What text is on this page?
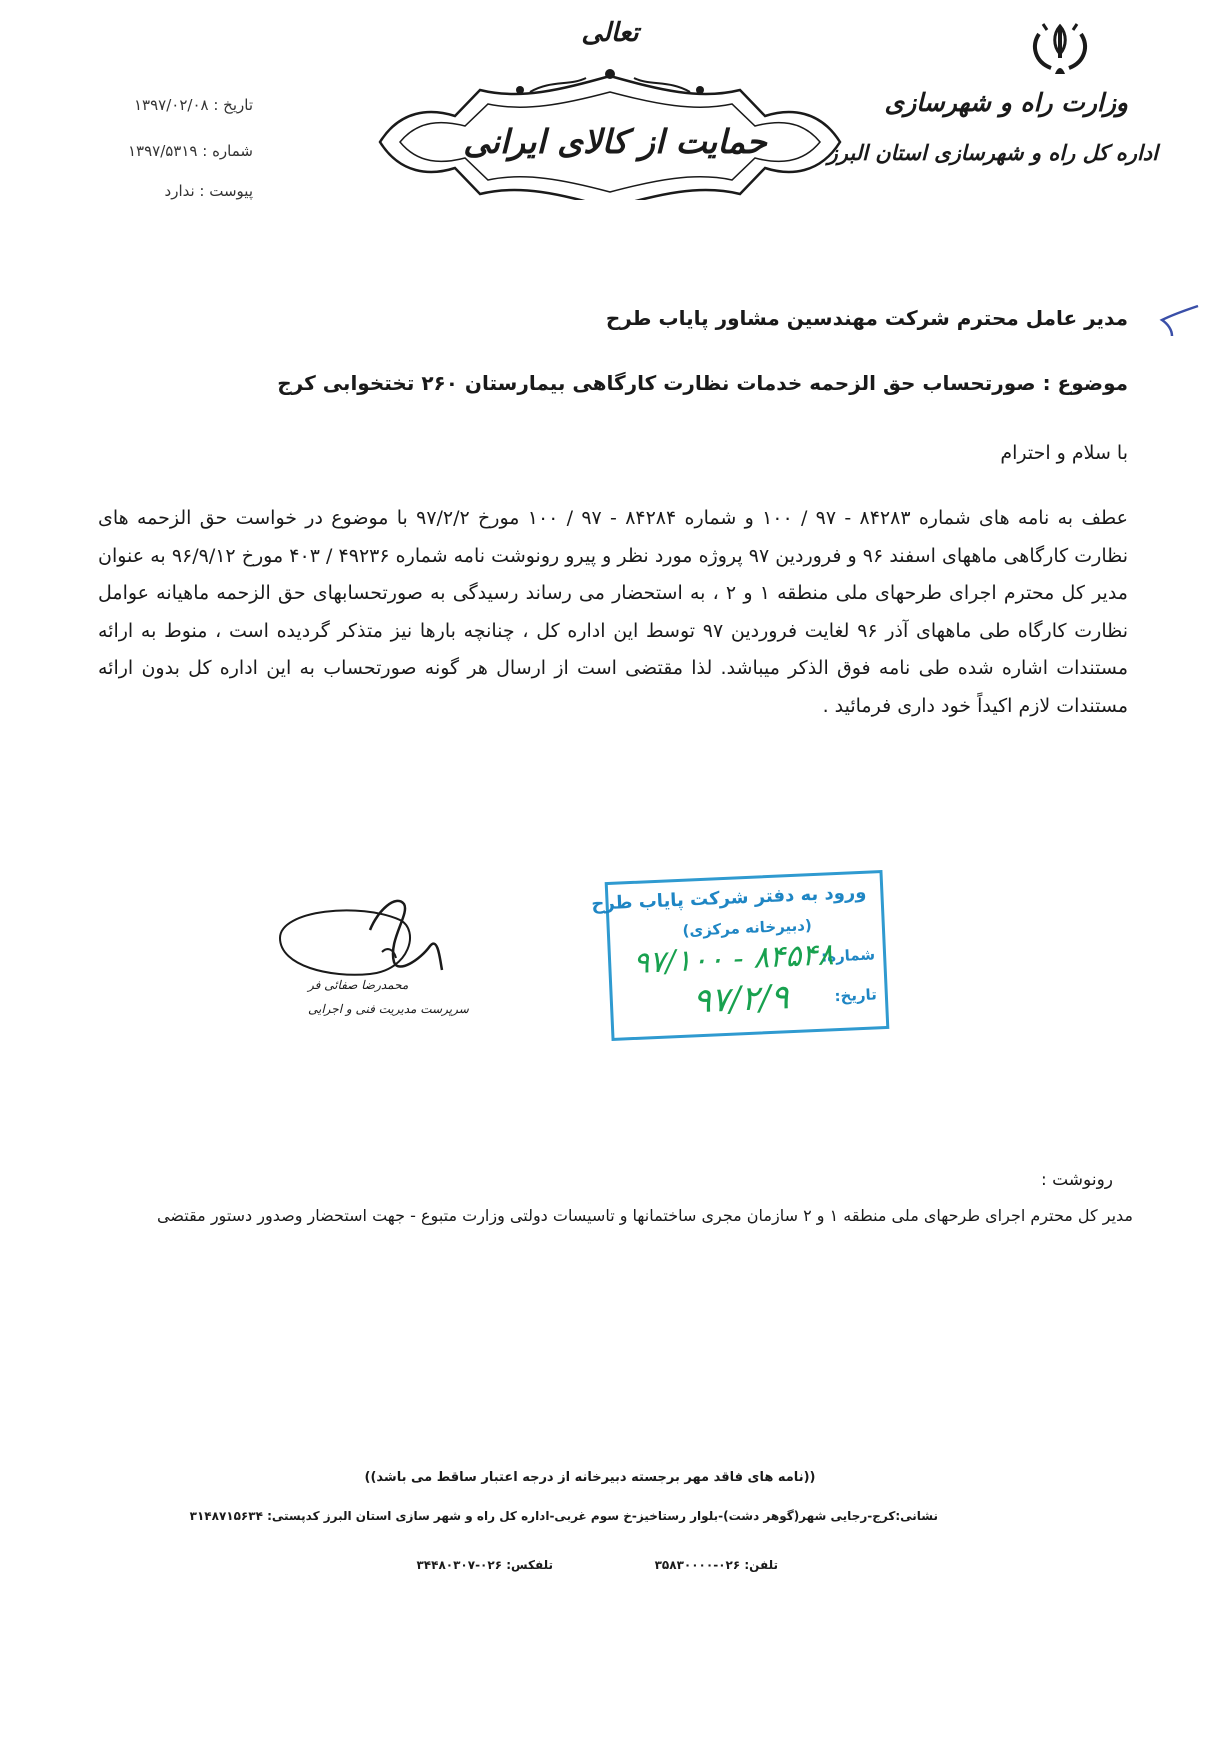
وزارت راه و شهرسازی
اداره کل راه و شهرسازی استان البرز
تعالی
حمایت از کالای ایرانی
تاریخ : ۱۳۹۷/۰۲/۰۸
شماره : ۱۳۹۷/۵۳۱۹
پیوست : ندارد
مدیر عامل محترم شرکت مهندسین مشاور پایاب طرح
موضوع : صورتحساب حق الزحمه خدمات نظارت کارگاهی بیمارستان ۲۶۰ تختخوابی کرج
با سلام و احترام
عطف به نامه های شماره ۸۴۲۸۳ - ۹۷ / ۱۰۰ و شماره ۸۴۲۸۴ - ۹۷ / ۱۰۰ مورخ ۹۷/۲/۲ با موضوع در خواست حق الزحمه های نظارت کارگاهی ماههای اسفند ۹۶ و فروردین ۹۷ پروژه مورد نظر و پیرو رونوشت نامه شماره ۴۹۲۳۶ / ۴۰۳ مورخ ۹۶/۹/۱۲ به عنوان مدیر کل محترم اجرای طرحهای ملی منطقه ۱ و ۲ ، به استحضار می رساند رسیدگی به صورتحسابهای حق الزحمه ماهیانه عوامل نظارت کارگاه طی ماههای آذر ۹۶ لغایت فروردین ۹۷ توسط این اداره کل ، چنانچه بارها نیز متذکر گردیده است ، منوط به ارائه مستندات اشاره شده طی نامه فوق الذکر میباشد. لذا مقتضی است از ارسال هر گونه صورتحساب به این اداره کل بدون ارائه مستندات لازم اکیداً خود داری فرمائید .
محمدرضا صفائی فر
سرپرست مدیریت فنی و اجرایی
ورود به دفتر شرکت پایاب طرح
(دبیرخانه مرکزی)
شماره:
تاریخ:
۸۴۵۴۸ - ۹۷/۱۰۰
۹۷/۲/۹
رونوشت :
مدیر کل محترم اجرای طرحهای ملی منطقه ۱ و ۲ سازمان مجری ساختمانها و تاسیسات دولتی وزارت متبوع - جهت استحضار وصدور دستور مقتضی
((نامه های فاقد مهر برجسته دبیرخانه از درجه اعتبار ساقط می باشد))
نشانی:کرج-رجایی شهر(گوهر دشت)-بلوار رستاخیز-خ سوم غربی-اداره کل راه و شهر سازی استان البرز کدپستی: ۳۱۴۸۷۱۵۶۳۴
تلفن: ۰۲۶-۳۵۸۳۰۰۰۰
تلفکس: ۰۲۶-۳۴۴۸۰۳۰۷
